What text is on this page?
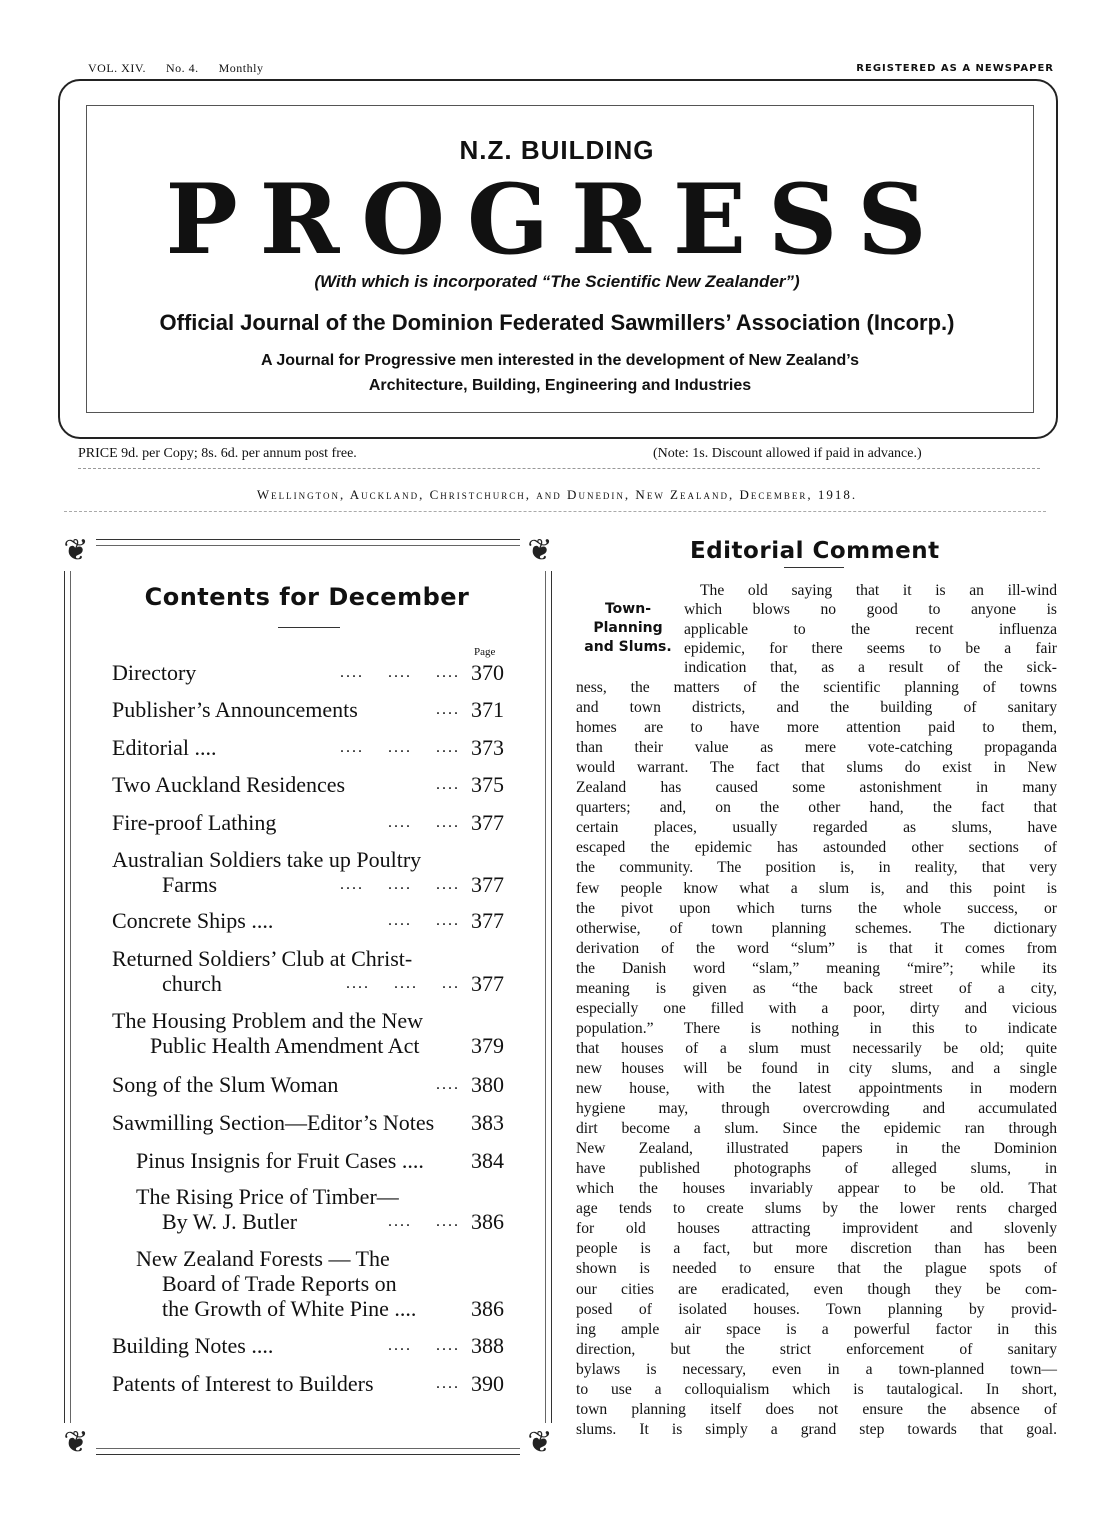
VOL. XIV. No. 4. Monthly	REGISTERED AS A NEWSPAPER
N.Z. BUILDING
PROGRESS
(With which is incorporated “The Scientific New Zealander”)
Official Journal of the Dominion Federated Sawmillers’ Association (Incorp.)
A Journal for Progressive men interested in the development of New Zealand’s
Architecture, Building, Engineering and Industries
PRICE 9d. per Copy; 8s. 6d. per annum post free.	(Note: 1s. Discount allowed if paid in advance.)
Wellington, Auckland, Christchurch, and Dunedin, New Zealand, December, 1918.
❦	❦
❦	❦
Contents for December
Page
Directory	....    ....    .... 370
Publisher’s Announcements	.... 371
Editorial ....	....    ....    .... 373
Two Auckland Residences	.... 375
Fire-proof Lathing	....    .... 377
Australian Soldiers take up Poultry
Farms	....    ....    .... 377
Concrete Ships ....	....    .... 377
Returned Soldiers’ Club at Christ-
church	....    ....    ... 377
The Housing Problem and the New
Public Health Amendment Act	379
Song of the Slum Woman	.... 380
Sawmilling Section—Editor’s Notes	383
Pinus Insignis for Fruit Cases ....	384
The Rising Price of Timber—
By W. J. Butler	....    .... 386
New Zealand Forests — The
Board of Trade Reports on
the Growth of White Pine ....	386
Building Notes ....	....    .... 388
Patents of Interest to Builders	.... 390
Editorial Comment
Town-
Planning
and Slums.
The old saying that it is an ill-wind
which blows no good to anyone is
applicable to the recent influenza
epidemic, for there seems to be a fair
indication that, as a result of the sick-
ness, the matters of the scientific planning of towns
and town districts, and the building of sanitary
homes are to have more attention paid to them,
than their value as mere vote-catching propaganda
would warrant. The fact that slums do exist in New
Zealand has caused some astonishment in many
quarters; and, on the other hand, the fact that
certain places, usually regarded as slums, have
escaped the epidemic has astounded other sections of
the community. The position is, in reality, that very
few people know what a slum is, and this point is
the pivot upon which turns the whole success, or
otherwise, of town planning schemes. The dictionary
derivation of the word “slum” is that it comes from
the Danish word “slam,” meaning “mire”; while its
meaning is given as “the back street of a city,
especially one filled with a poor, dirty and vicious
population.” There is nothing in this to indicate
that houses of a slum must necessarily be old; quite
new houses will be found in city slums, and a single
new house, with the latest appointments in modern
hygiene may, through overcrowding and accumulated
dirt become a slum. Since the epidemic ran through
New Zealand, illustrated papers in the Dominion
have published photographs of alleged slums, in
which the houses invariably appear to be old. That
age tends to create slums by the lower rents charged
for old houses attracting improvident and slovenly
people is a fact, but more discretion than has been
shown is needed to ensure that the plague spots of
our cities are eradicated, even though they be com-
posed of isolated houses. Town planning by provid-
ing ample air space is a powerful factor in this
direction, but the strict enforcement of sanitary
bylaws is necessary, even in a town-planned town—
to use a colloquialism which is tautalogical. In short,
town planning itself does not ensure the absence of
slums. It is simply a grand step towards that goal.
